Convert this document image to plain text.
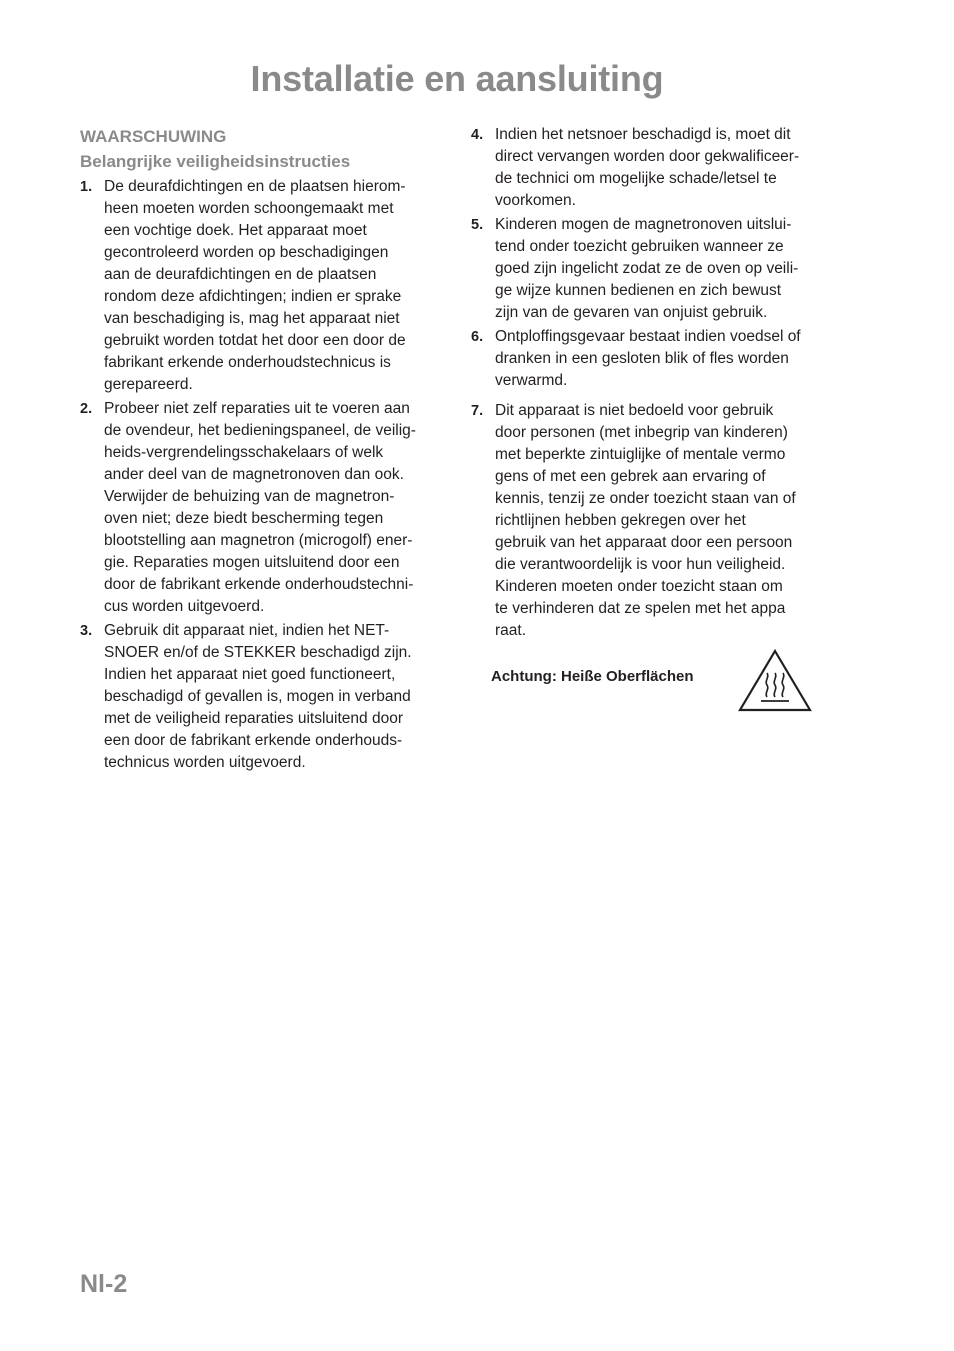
Installatie en aansluiting
WAARSCHUWING
Belangrijke veiligheidsinstructies
1. De deurafdichtingen en de plaatsen hierom-
heen moeten worden schoongemaakt met
een vochtige doek. Het apparaat moet
gecontroleerd worden op beschadigingen
aan de deurafdichtingen en de plaatsen
rondom deze afdichtingen; indien er sprake
van beschadiging is, mag het apparaat niet
gebruikt worden totdat het door een door de
fabrikant erkende onderhoudstechnicus is
gerepareerd.
2. Probeer niet zelf reparaties uit te voeren aan
de ovendeur, het bedieningspaneel, de veilig-
heids-vergrendelingsschakelaars of welk
ander deel van de magnetronoven dan ook.
Verwijder de behuizing van de magnetron-
oven niet; deze biedt bescherming tegen
blootstelling aan magnetron (microgolf) ener-
gie. Reparaties mogen uitsluitend door een
door de fabrikant erkende onderhoudstechni-
cus worden uitgevoerd.
3. Gebruik dit apparaat niet, indien het NET-
SNOER en/of de STEKKER beschadigd zijn.
Indien het apparaat niet goed functioneert,
beschadigd of gevallen is, mogen in verband
met de veiligheid reparaties uitsluitend door
een door de fabrikant erkende onderhouds-
technicus worden uitgevoerd.
4. Indien het netsnoer beschadigd is, moet dit
direct vervangen worden door gekwalificeer-
de technici om mogelijke schade/letsel te
voorkomen.
5. Kinderen mogen de magnetronoven uitslui-
tend onder toezicht gebruiken wanneer ze
goed zijn ingelicht zodat ze de oven op veili-
ge wijze kunnen bedienen en zich bewust
zijn van de gevaren van onjuist gebruik.
6. Ontploffingsgevaar bestaat indien voedsel of
dranken in een gesloten blik of fles worden
verwarmd.
7. Dit apparaat is niet bedoeld voor gebruik
door personen (met inbegrip van kinderen)
met beperkte zintuiglijke of mentale vermo
gens of met een gebrek aan ervaring of
kennis, tenzij ze onder toezicht staan van of
richtlijnen hebben gekregen over het
gebruik van het apparaat door een persoon
die verantwoordelijk is voor hun veiligheid.
Kinderen moeten onder toezicht staan om
te verhinderen dat ze spelen met het appa
raat.
Achtung: Heiße Oberflächen
Nl-2
